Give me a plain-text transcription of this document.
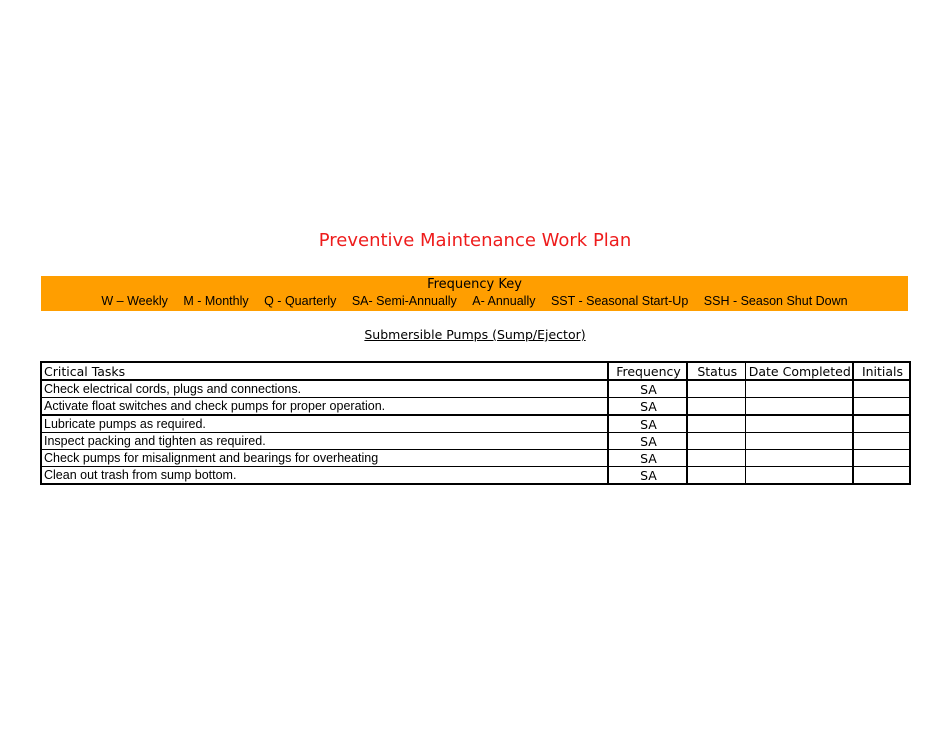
Preventive Maintenance Work Plan
Frequency Key
W – Weekly M - Monthly Q - Quarterly SA- Semi-Annually A- Annually SST - Seasonal Start-Up SSH - Season Shut Down
Submersible Pumps (Sump/Ejector)
Critical Tasks	Frequency	Status	Date Completed	Initials
Check electrical cords, plugs and connections.	SA			
Activate float switches and check pumps for proper operation.	SA			
Lubricate pumps as required.	SA			
Inspect packing and tighten as required.	SA			
Check pumps for misalignment and bearings for overheating	SA			
Clean out trash from sump bottom.	SA			
